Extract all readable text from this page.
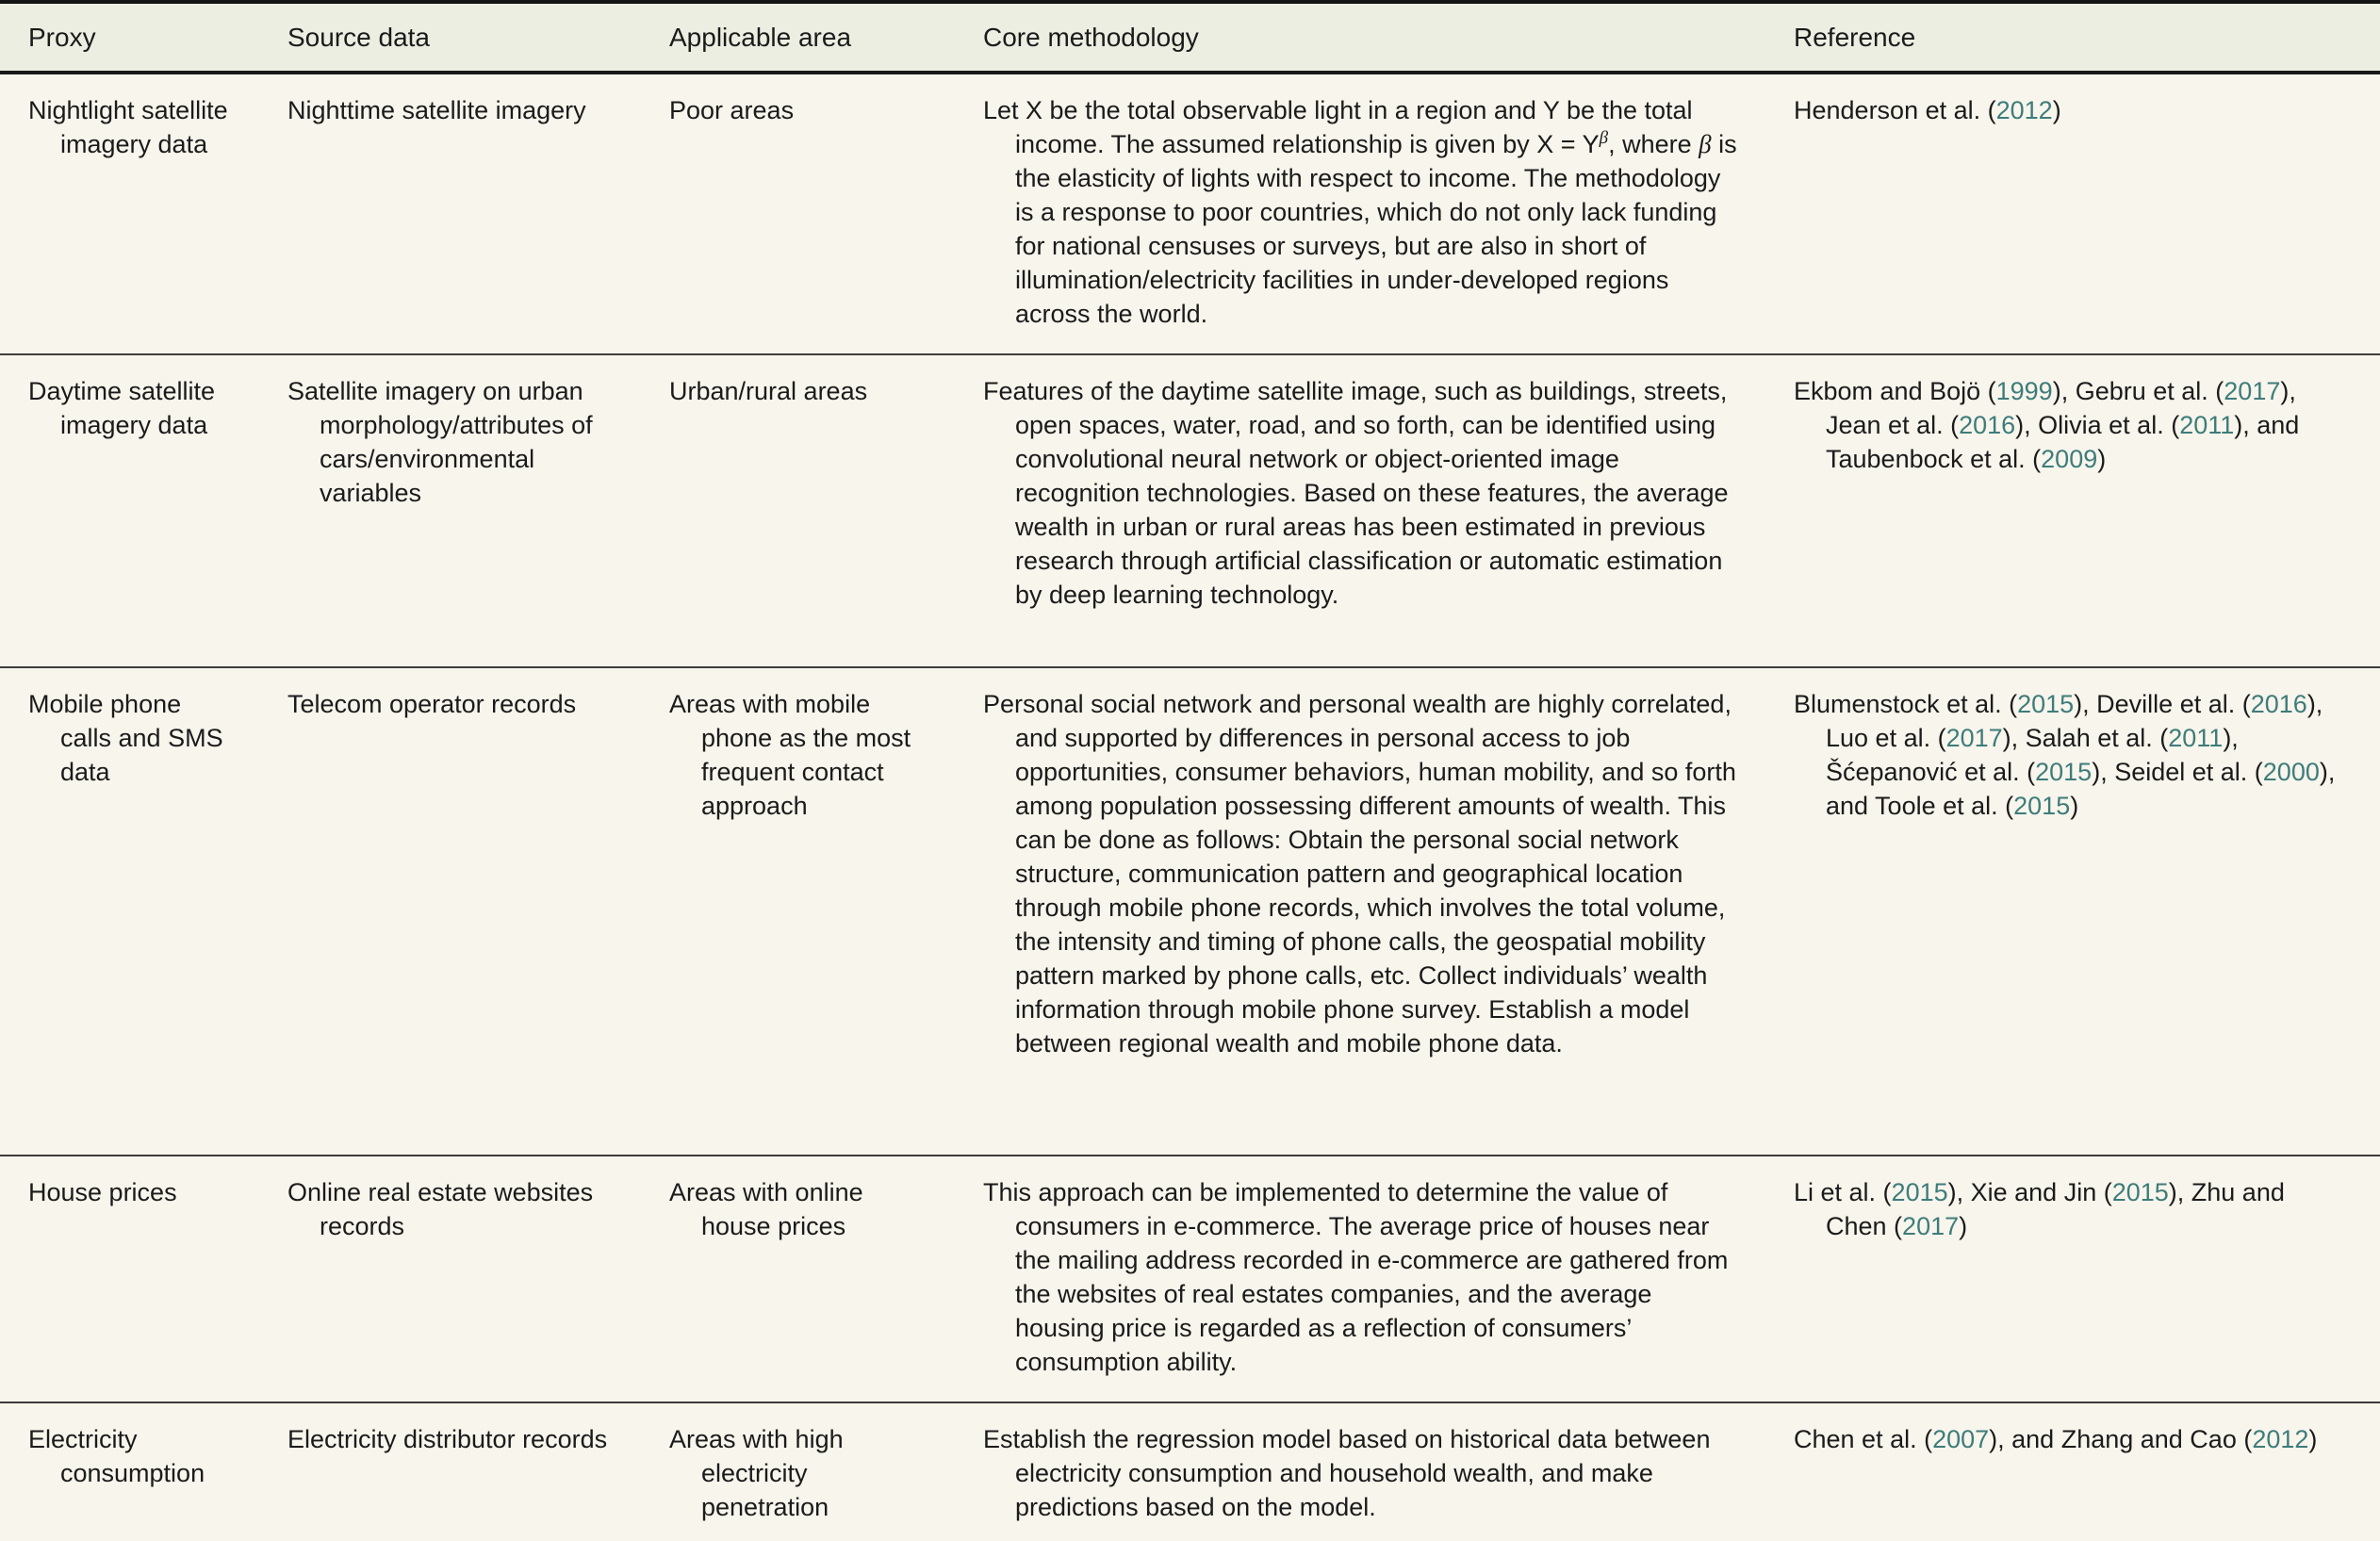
Proxy	Source data	Applicable area	Core methodology	Reference

Nightlight satellite imagery data	Nighttime satellite imagery	Poor areas	Let X be the total observable light in a region and Y be the total income. The assumed relationship is given by $X = Y^\beta$, where β is the elasticity of lights with respect to income. The methodology is a response to poor countries, which do not only lack funding for national censuses or surveys, but are also in short of illumination/electricity facilities in under-developed regions across the world.	Henderson et al. (2012)

Daytime satellite imagery data	Satellite imagery on urban morphology/attributes of cars/environmental variables	Urban/rural areas	Features of the daytime satellite image, such as buildings, streets, open spaces, water, road, and so forth, can be identified using convolutional neural network or object-oriented image recognition technologies. Based on these features, the average wealth in urban or rural areas has been estimated in previous research through artificial classification or automatic estimation by deep learning technology.	Ekbom and Bojö (1999), Gebru et al. (2017), Jean et al. (2016), Olivia et al. (2011), and Taubenbock et al. (2009)

Mobile phone calls and SMS data	Telecom operator records	Areas with mobile phone as the most frequent contact approach	Personal social network and personal wealth are highly correlated, and supported by differences in personal access to job opportunities, consumer behaviors, human mobility, and so forth among population possessing different amounts of wealth. This can be done as follows: Obtain the personal social network structure, communication pattern and geographical location through mobile phone records, which involves the total volume, the intensity and timing of phone calls, the geospatial mobility pattern marked by phone calls, etc. Collect individuals’ wealth information through mobile phone survey. Establish a model between regional wealth and mobile phone data.	Blumenstock et al. (2015), Deville et al. (2016), Luo et al. (2017), Salah et al. (2011), Šćepanović et al. (2015), Seidel et al. (2000), and Toole et al. (2015)

House prices	Online real estate websites records	Areas with online house prices	This approach can be implemented to determine the value of consumers in e-commerce. The average price of houses near the mailing address recorded in e-commerce are gathered from the websites of real estates companies, and the average housing price is regarded as a reflection of consumers’ consumption ability.	Li et al. (2015), Xie and Jin (2015), Zhu and Chen (2017)

Electricity consumption	Electricity distributor records	Areas with high electricity penetration	Establish the regression model based on historical data between electricity consumption and household wealth, and make predictions based on the model.	Chen et al. (2007), and Zhang and Cao (2012)
